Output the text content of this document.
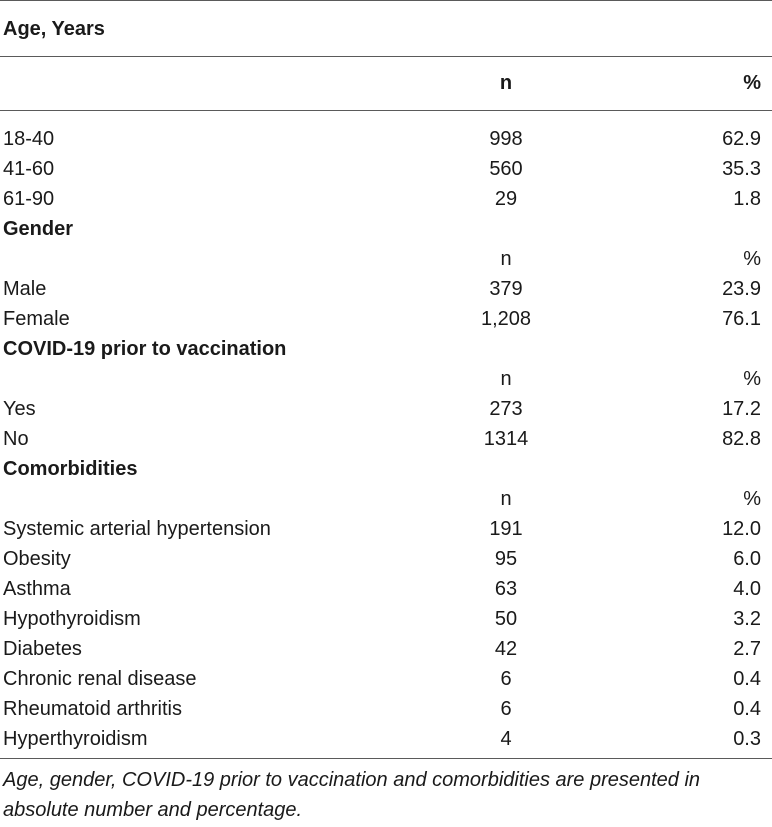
Age, Years
n	%
18-40	998	62.9
41-60	560	35.3
61-90	29	1.8
Gender
n	%
Male	379	23.9
Female	1,208	76.1
COVID-19 prior to vaccination
n	%
Yes	273	17.2
No	1314	82.8
Comorbidities
n	%
Systemic arterial hypertension	191	12.0
Obesity	95	6.0
Asthma	63	4.0
Hypothyroidism	50	3.2
Diabetes	42	2.7
Chronic renal disease	6	0.4
Rheumatoid arthritis	6	0.4
Hyperthyroidism	4	0.3
Age, gender, COVID-19 prior to vaccination and comorbidities are presented in absolute number and percentage.
